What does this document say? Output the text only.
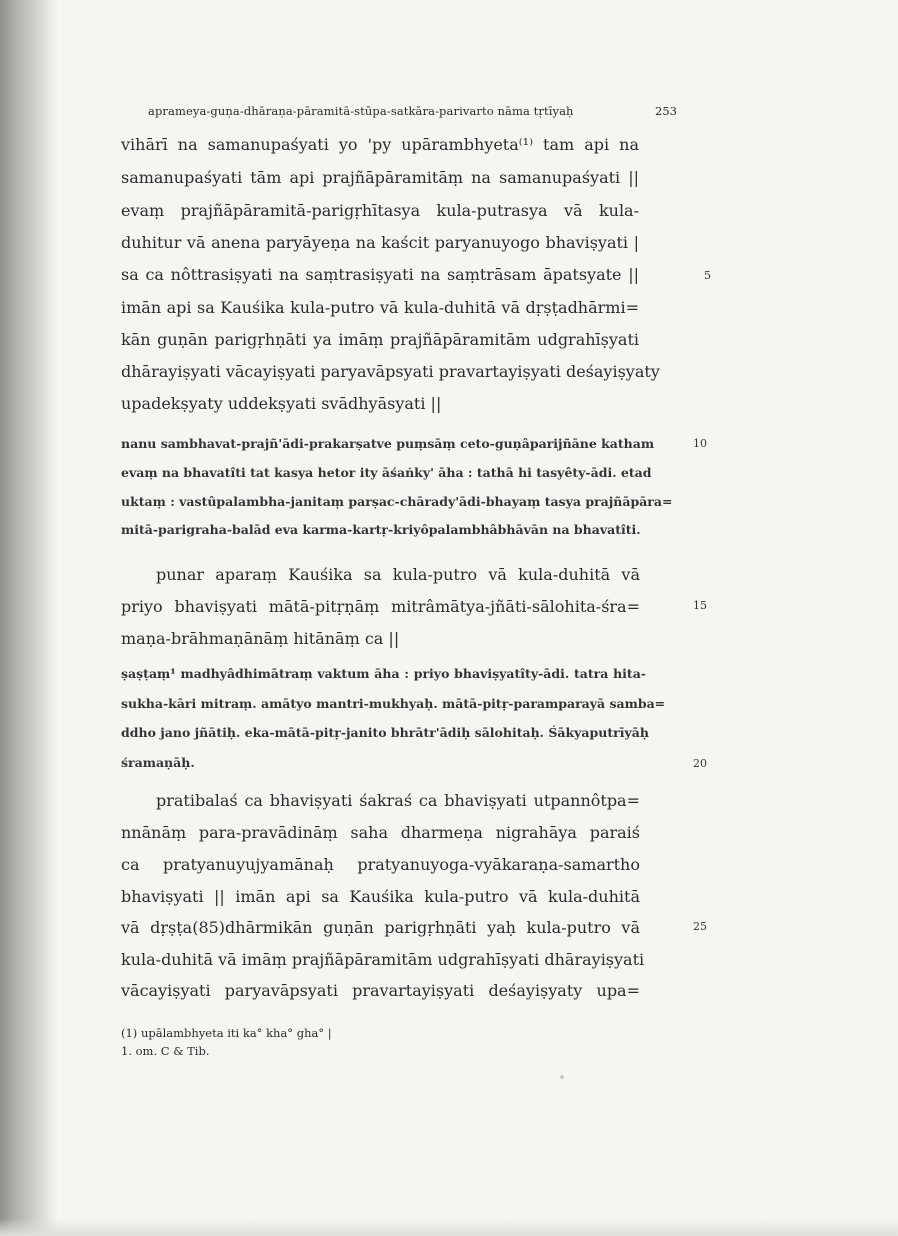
aprameya-guṇa-dhāraṇa-pāramitā-stūpa-satkāra-parivarto nāma tṛtīyaḥ	253
vihārī na samanupaśyati yo 'py upārambhyeta⁽¹⁾ tam api na
samanupaśyati tām api prajñāpāramitāṃ na samanupaśyati ||
evaṃ prajñāpāramitā-parigṛhītasya kula-putrasya vā kula-
duhitur vā anena paryāyeṇa na kaścit paryanuyogo bhaviṣyati |
sa ca nôttrasiṣyati na saṃtrasiṣyati na saṃtrāsam āpatsyate ||
imān api sa Kauśika kula-putro vā kula-duhitā vā dṛṣṭadhārmi=
kān guṇān parigṛhṇāti ya imāṃ prajñāpāramitām udgrahīṣyati
dhārayiṣyati vācayiṣyati paryavāpsyati pravartayiṣyati deśayiṣyaty
upadekṣyaty uddekṣyati svādhyāsyati ||
nanu sambhavat-prajñ'ādi-prakarṣatve puṃsāṃ ceto-guṇâparijñāne katham
evaṃ na bhavatîti tat kasya hetor ity āśaṅky' āha : tathā hi tasyêty-ādi. etad
uktaṃ : vastûpalambha-janitaṃ parṣac-chārady'ādi-bhayaṃ tasya prajñāpāra=
mitā-parigraha-balād eva karma-kartṛ-kriyôpalambhâbhāvān na bhavatîti.
punar aparaṃ Kauśika sa kula-putro vā kula-duhitā vā
priyo bhaviṣyati mātā-pitṛṇāṃ mitrâmātya-jñāti-sālohita-śra=
maṇa-brāhmaṇānāṃ hitānāṃ ca ||
ṣaṣṭaṃ¹ madhyâdhimātraṃ vaktum āha : priyo bhaviṣyatîty-ādi. tatra hita-
sukha-kāri mitraṃ. amātyo mantri-mukhyaḥ. mātā-pitṛ-paramparayā samba=
ddho jano jñātiḥ. eka-mātā-pitṛ-janito bhrātr'ādiḥ sālohitaḥ. Śākyaputrīyāḥ
śramaṇāḥ.
pratibalaś ca bhaviṣyati śakraś ca bhaviṣyati utpannôtpa=
nnānāṃ para-pravādināṃ saha dharmeṇa nigrahāya paraiś
ca pratyanuyujyamānaḥ pratyanuyoga-vyākaraṇa-samartho
bhaviṣyati || imān api sa Kauśika kula-putro vā kula-duhitā
vā dṛṣṭa(85)dhārmikān guṇān parigṛhṇāti yaḥ kula-putro vā
kula-duhitā vā imāṃ prajñāpāramitām udgrahīṣyati dhārayiṣyati
vācayiṣyati paryavāpsyati pravartayiṣyati deśayiṣyaty upa=
5
10
15
20
25
(1) upālambhyeta iti ka° kha° gha° |
1. om. C & Tib.
